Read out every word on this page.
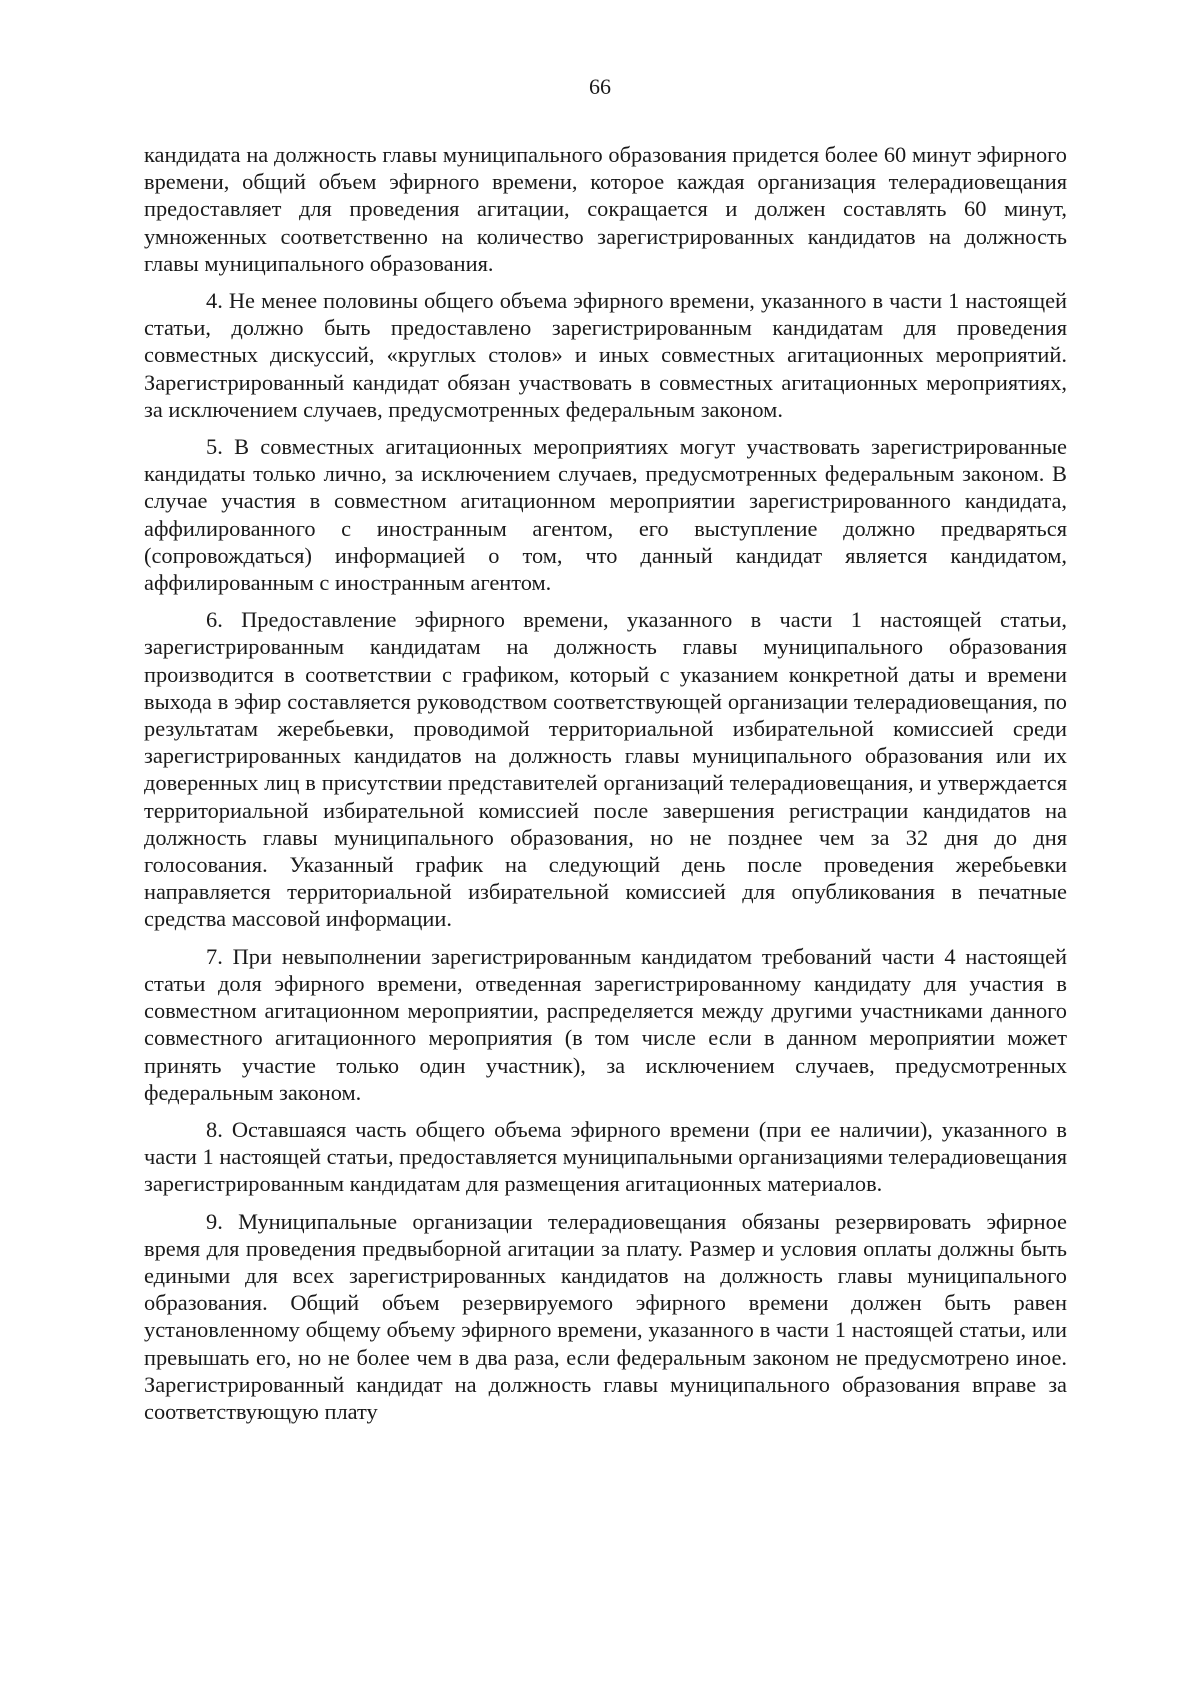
66

кандидата на должность главы муниципального образования придется более 60 минут эфирного времени, общий объем эфирного времени, которое каждая организация телерадиовещания предоставляет для проведения агитации, сокращается и должен составлять 60 минут, умноженных соответственно на количество зарегистрированных кандидатов на должность главы муниципального образования.

4. Не менее половины общего объема эфирного времени, указанного в части 1 настоящей статьи, должно быть предоставлено зарегистрированным кандидатам для проведения совместных дискуссий, «круглых столов» и иных совместных агитационных мероприятий. Зарегистрированный кандидат обязан участвовать в совместных агитационных мероприятиях, за исключением случаев, предусмотренных федеральным законом.

5. В совместных агитационных мероприятиях могут участвовать зарегистрированные кандидаты только лично, за исключением случаев, предусмотренных федеральным законом. В случае участия в совместном агитационном мероприятии зарегистрированного кандидата, аффилированного с иностранным агентом, его выступление должно предваряться (сопровождаться) информацией о том, что данный кандидат является кандидатом, аффилированным с иностранным агентом.

6. Предоставление эфирного времени, указанного в части 1 настоящей статьи, зарегистрированным кандидатам на должность главы муниципального образования производится в соответствии с графиком, который с указанием конкретной даты и времени выхода в эфир составляется руководством соответствующей организации телерадиовещания, по результатам жеребьевки, проводимой территориальной избирательной комиссией среди зарегистрированных кандидатов на должность главы муниципального образования или их доверенных лиц в присутствии представителей организаций телерадиовещания, и утверждается территориальной избирательной комиссией после завершения регистрации кандидатов на должность главы муниципального образования, но не позднее чем за 32 дня до дня голосования. Указанный график на следующий день после проведения жеребьевки направляется территориальной избирательной комиссией для опубликования в печатные средства массовой информации.

7. При невыполнении зарегистрированным кандидатом требований части 4 настоящей статьи доля эфирного времени, отведенная зарегистрированному кандидату для участия в совместном агитационном мероприятии, распределяется между другими участниками данного совместного агитационного мероприятия (в том числе если в данном мероприятии может принять участие только один участник), за исключением случаев, предусмотренных федеральным законом.

8. Оставшаяся часть общего объема эфирного времени (при ее наличии), указанного в части 1 настоящей статьи, предоставляется муниципальными организациями телерадиовещания зарегистрированным кандидатам для размещения агитационных материалов.

9. Муниципальные организации телерадиовещания обязаны резервировать эфирное время для проведения предвыборной агитации за плату. Размер и условия оплаты должны быть едиными для всех зарегистрированных кандидатов на должность главы муниципального образования. Общий объем резервируемого эфирного времени должен быть равен установленному общему объему эфирного времени, указанного в части 1 настоящей статьи, или превышать его, но не более чем в два раза, если федеральным законом не предусмотрено иное. Зарегистрированный кандидат на должность главы муниципального образования вправе за соответствующую плату
